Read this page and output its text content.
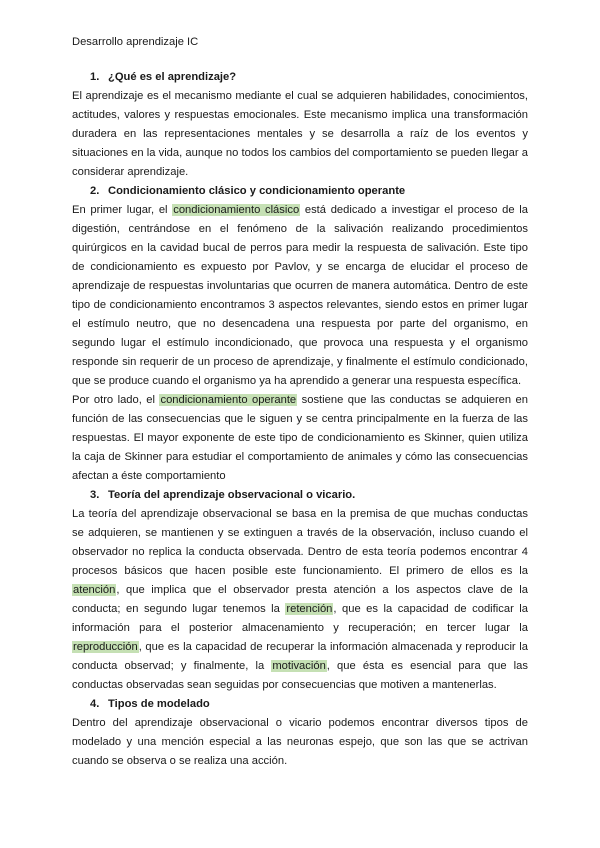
Desarrollo aprendizaje IC
1. ¿Qué es el aprendizaje?

El aprendizaje es el mecanismo mediante el cual se adquieren habilidades, conocimientos, actitudes, valores y respuestas emocionales. Este mecanismo implica una transformación duradera en las representaciones mentales y se desarrolla a raíz de los eventos y situaciones en la vida, aunque no todos los cambios del comportamiento se pueden llegar a considerar aprendizaje.

2. Condicionamiento clásico y condicionamiento operante

En primer lugar, el condicionamiento clásico está dedicado a investigar el proceso de la digestión, centrándose en el fenómeno de la salivación realizando procedimientos quirúrgicos en la cavidad bucal de perros para medir la respuesta de salivación. Este tipo de condicionamiento es expuesto por Pavlov, y se encarga de elucidar el proceso de aprendizaje de respuestas involuntarias que ocurren de manera automática. Dentro de este tipo de condicionamiento encontramos 3 aspectos relevantes, siendo estos en primer lugar el estímulo neutro, que no desencadena una respuesta por parte del organismo, en segundo lugar el estímulo incondicionado, que provoca una respuesta y el organismo responde sin requerir de un proceso de aprendizaje, y finalmente el estímulo condicionado, que se produce cuando el organismo ya ha aprendido a generar una respuesta específica.

Por otro lado, el condicionamiento operante sostiene que las conductas se adquieren en función de las consecuencias que le siguen y se centra principalmente en la fuerza de las respuestas. El mayor exponente de este tipo de condicionamiento es Skinner, quien utiliza la caja de Skinner para estudiar el comportamiento de animales y cómo las consecuencias afectan a éste comportamiento

3. Teoría del aprendizaje observacional o vicario.

La teoría del aprendizaje observacional se basa en la premisa de que muchas conductas se adquieren, se mantienen y se extinguen a través de la observación, incluso cuando el observador no replica la conducta observada. Dentro de esta teoría podemos encontrar 4 procesos básicos que hacen posible este funcionamiento. El primero de ellos es la atención, que implica que el observador presta atención a los aspectos clave de la conducta; en segundo lugar tenemos la retención, que es la capacidad de codificar la información para el posterior almacenamiento y recuperación; en tercer lugar la reproducción, que es la capacidad de recuperar la información almacenada y reproducir la conducta observad; y finalmente, la motivación, que ésta es esencial para que las conductas observadas sean seguidas por consecuencias que motiven a mantenerlas.

4. Tipos de modelado

Dentro del aprendizaje observacional o vicario podemos encontrar diversos tipos de modelado y una mención especial a las neuronas espejo, que son las que se actrivan cuando se observa o se realiza una acción.
